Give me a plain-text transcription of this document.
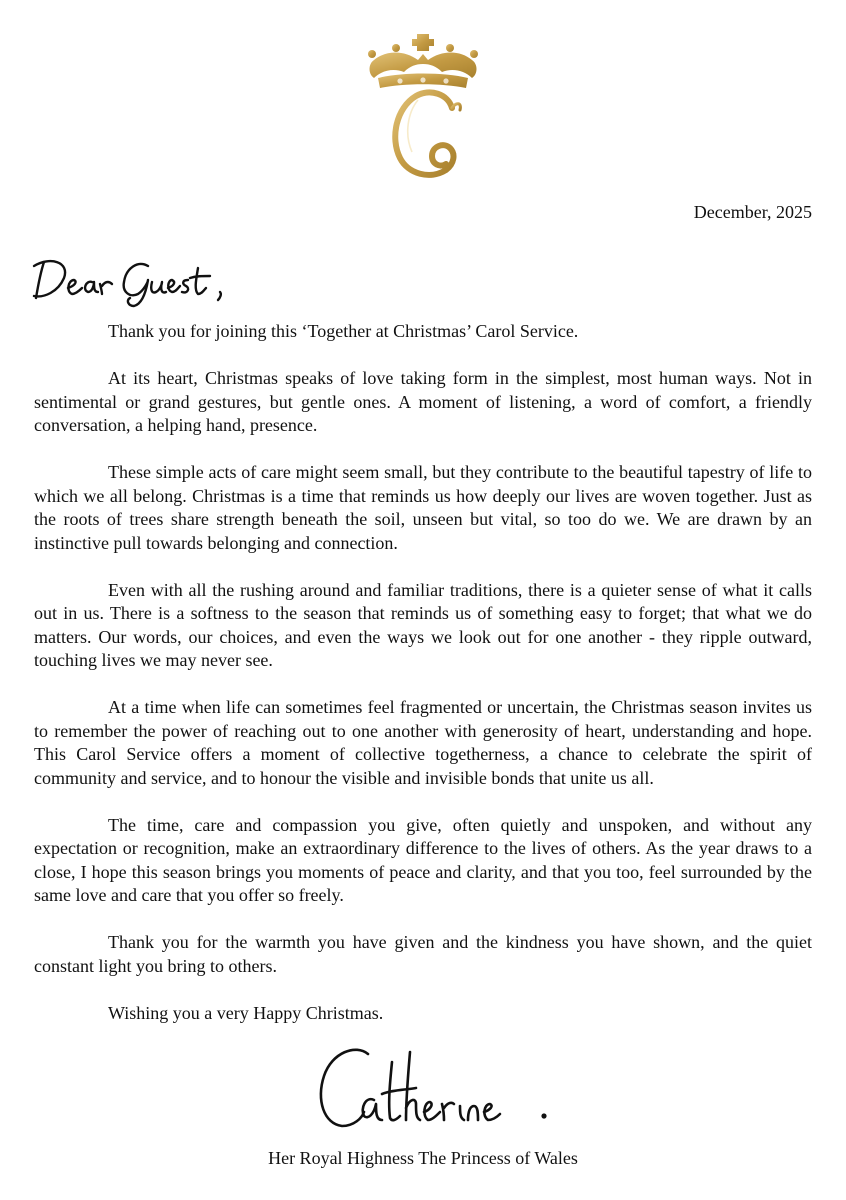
December, 2025

Thank you for joining this ‘Together at Christmas’ Carol Service.

At its heart, Christmas speaks of love taking form in the simplest, most human ways. Not in sentimental or grand gestures, but gentle ones. A moment of listening, a word of comfort, a friendly conversation, a helping hand, presence.

These simple acts of care might seem small, but they contribute to the beautiful tapestry of life to which we all belong. Christmas is a time that reminds us how deeply our lives are woven together. Just as the roots of trees share strength beneath the soil, unseen but vital, so too do we. We are drawn by an instinctive pull towards belonging and connection.

Even with all the rushing around and familiar traditions, there is a quieter sense of what it calls out in us. There is a softness to the season that reminds us of something easy to forget; that what we do matters. Our words, our choices, and even the ways we look out for one another - they ripple outward, touching lives we may never see.

At a time when life can sometimes feel fragmented or uncertain, the Christmas season invites us to remember the power of reaching out to one another with generosity of heart, understanding and hope. This Carol Service offers a moment of collective togetherness, a chance to celebrate the spirit of community and service, and to honour the visible and invisible bonds that unite us all.

The time, care and compassion you give, often quietly and unspoken, and without any expectation or recognition, make an extraordinary difference to the lives of others. As the year draws to a close, I hope this season brings you moments of peace and clarity, and that you too, feel surrounded by the same love and care that you offer so freely.

Thank you for the warmth you have given and the kindness you have shown, and the quiet constant light you bring to others.

Wishing you a very Happy Christmas.

Her Royal Highness The Princess of Wales
